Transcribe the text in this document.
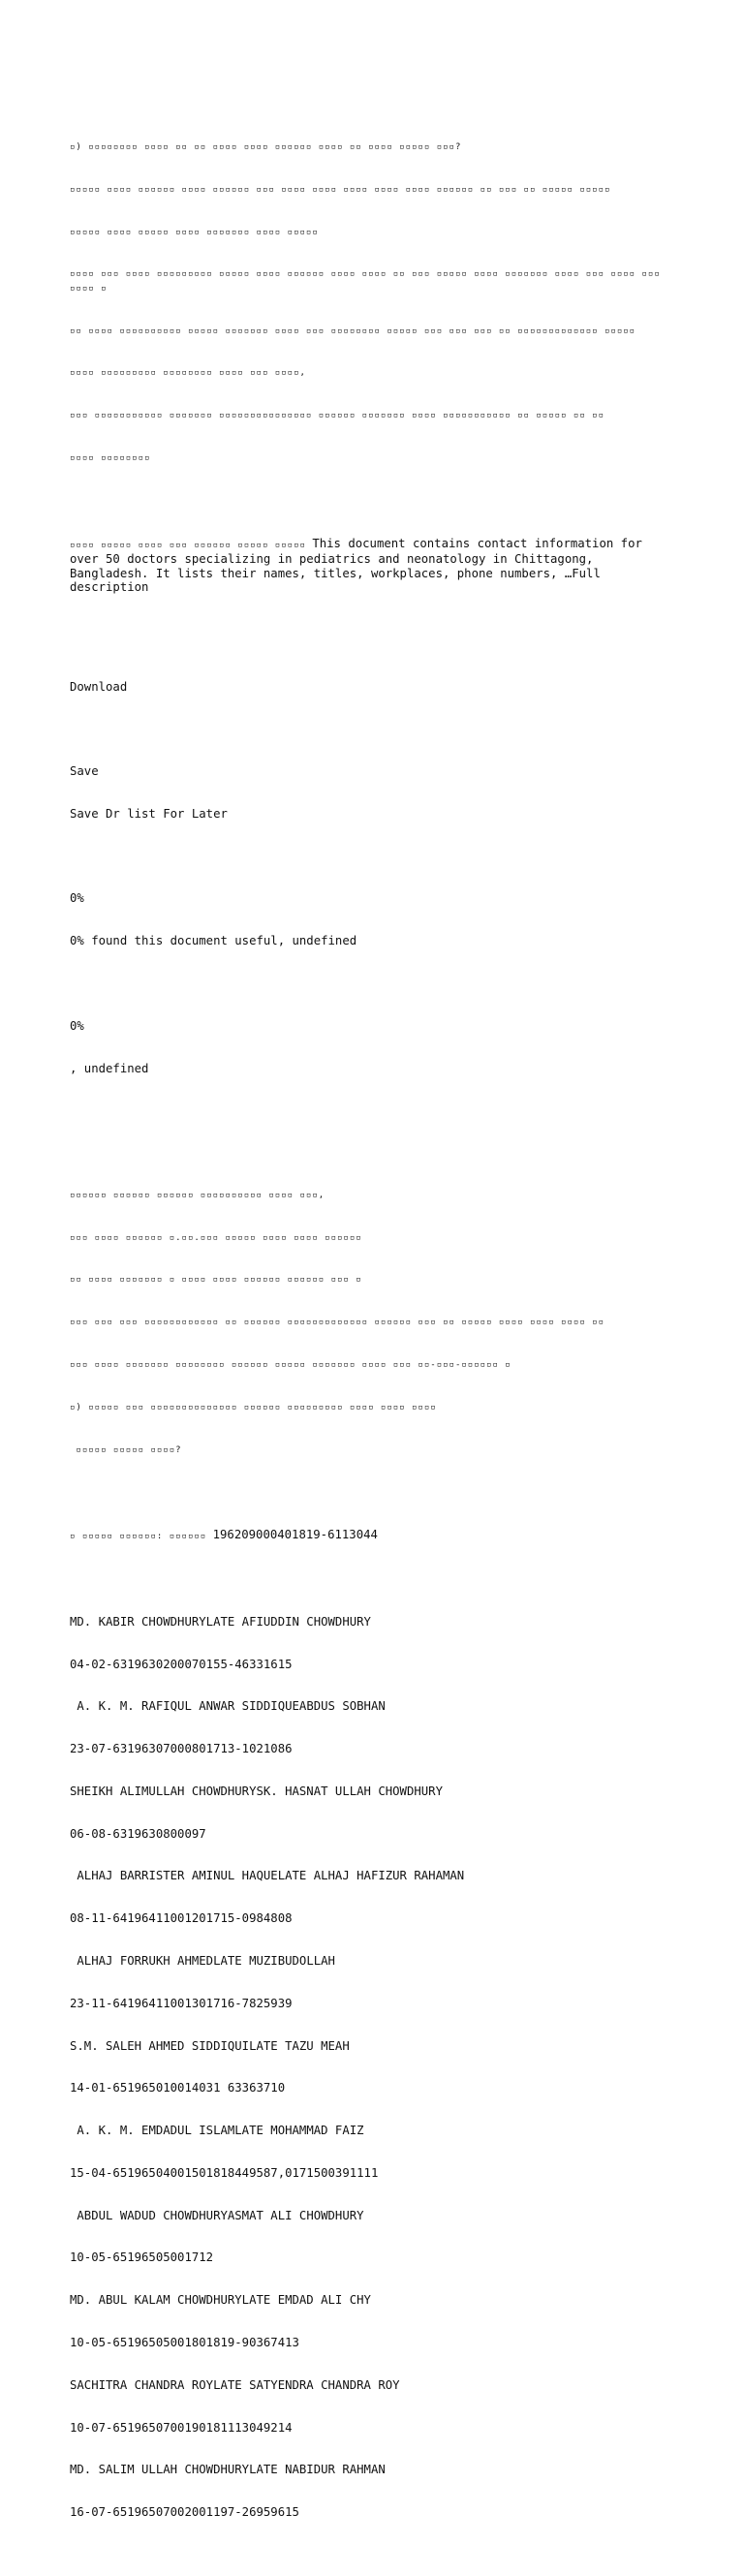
▫) ▫▫▫▫▫▫▫▫ ▫▫▫▫ ▫▫ ▫▫ ▫▫▫▫ ▫▫▫▫ ▫▫▫▫▫▫ ▫▫▫▫ ▫▫ ▫▫▫▫ ▫▫▫▫▫ ▫▫▫?

▫▫▫▫▫ ▫▫▫▫ ▫▫▫▫▫▫ ▫▫▫▫ ▫▫▫▫▫▫ ▫▫▫ ▫▫▫▫ ▫▫▫▫ ▫▫▫▫ ▫▫▫▫ ▫▫▫▫ ▫▫▫▫▫▫ ▫▫ ▫▫▫ ▫▫ ▫▫▫▫▫ ▫▫▫▫▫

▫▫▫▫▫ ▫▫▫▫ ▫▫▫▫▫ ▫▫▫▫ ▫▫▫▫▫▫▫ ▫▫▫▫ ▫▫▫▫▫

▫▫▫▫ ▫▫▫ ▫▫▫▫ ▫▫▫▫▫▫▫▫▫ ▫▫▫▫▫ ▫▫▫▫ ▫▫▫▫▫▫ ▫▫▫▫ ▫▫▫▫ ▫▫ ▫▫▫ ▫▫▫▫▫ ▫▫▫▫ ▫▫▫▫▫▫▫ ▫▫▫▫ ▫▫▫ ▫▫▫▫ ▫▫▫ ▫▫▫▫ ▫

▫▫ ▫▫▫▫ ▫▫▫▫▫▫▫▫▫▫ ▫▫▫▫▫ ▫▫▫▫▫▫▫ ▫▫▫▫ ▫▫▫ ▫▫▫▫▫▫▫▫ ▫▫▫▫▫ ▫▫▫ ▫▫▫ ▫▫▫ ▫▫ ▫▫▫▫▫▫▫▫▫▫▫▫▫ ▫▫▫▫▫

▫▫▫▫ ▫▫▫▫▫▫▫▫▫ ▫▫▫▫▫▫▫▫ ▫▫▫▫ ▫▫▫ ▫▫▫▫,

▫▫▫ ▫▫▫▫▫▫▫▫▫▫▫ ▫▫▫▫▫▫▫ ▫▫▫▫▫▫▫▫▫▫▫▫▫▫▫ ▫▫▫▫▫▫ ▫▫▫▫▫▫▫ ▫▫▫▫ ▫▫▫▫▫▫▫▫▫▫▫ ▫▫ ▫▫▫▫▫ ▫▫ ▫▫

▫▫▫▫ ▫▫▫▫▫▫▫▫

▫▫▫▫ ▫▫▫▫▫ ▫▫▫▫ ▫▫▫ ▫▫▫▫▫▫ ▫▫▫▫▫ ▫▫▫▫▫ This document contains contact information for over 50 doctors specializing in pediatrics and neonatology in Chittagong, Bangladesh. It lists their names, titles, workplaces, phone numbers, …Full description

Download

Save

Save Dr list For Later

0%

0% found this document useful, undefined

0%

, undefined

▫▫▫▫▫▫ ▫▫▫▫▫▫ ▫▫▫▫▫▫ ▫▫▫▫▫▫▫▫▫▫ ▫▫▫▫ ▫▫▫,

▫▫▫ ▫▫▫▫ ▫▫▫▫▫▫ ▫.▫▫.▫▫▫ ▫▫▫▫▫ ▫▫▫▫ ▫▫▫▫ ▫▫▫▫▫▫

▫▫ ▫▫▫▫ ▫▫▫▫▫▫▫ ▫ ▫▫▫▫ ▫▫▫▫ ▫▫▫▫▫▫ ▫▫▫▫▫▫ ▫▫▫ ▫

▫▫▫ ▫▫▫ ▫▫▫ ▫▫▫▫▫▫▫▫▫▫▫▫ ▫▫ ▫▫▫▫▫▫ ▫▫▫▫▫▫▫▫▫▫▫▫▫ ▫▫▫▫▫▫ ▫▫▫ ▫▫ ▫▫▫▫▫ ▫▫▫▫ ▫▫▫▫ ▫▫▫▫ ▫▫

▫▫▫ ▫▫▫▫ ▫▫▫▫▫▫▫ ▫▫▫▫▫▫▫▫ ▫▫▫▫▫▫ ▫▫▫▫▫ ▫▫▫▫▫▫▫ ▫▫▫▫ ▫▫▫ ▫▫-▫▫▫-▫▫▫▫▫▫ ▫

▫) ▫▫▫▫▫ ▫▫▫ ▫▫▫▫▫▫▫▫▫▫▫▫▫▫ ▫▫▫▫▫▫ ▫▫▫▫▫▫▫▫▫ ▫▫▫▫ ▫▫▫▫ ▫▫▫▫

▫▫▫▫▫ ▫▫▫▫▫ ▫▫▫▫?

▫ ▫▫▫▫▫ ▫▫▫▫▫▫: ▫▫▫▫▫▫ 196209000401819-6113044

MD. KABIR CHOWDHURYLATE AFIUDDIN CHOWDHURY

04-02-6319630200070155-46331615

A. K. M. RAFIQUL ANWAR SIDDIQUEABDUS SOBHAN

23-07-63196307000801713-1021086

SHEIKH ALIMULLAH CHOWDHURYSK. HASNAT ULLAH CHOWDHURY

06-08-6319630800097

ALHAJ BARRISTER AMINUL HAQUELATE ALHAJ HAFIZUR RAHAMAN

08-11-64196411001201715-0984808

ALHAJ FORRUKH AHMEDLATE MUZIBUDOLLAH

23-11-64196411001301716-7825939

S.M. SALEH AHMED SIDDIQUILATE TAZU MEAH

14-01-651965010014031 63363710

A. K. M. EMDADUL ISLAMLATE MOHAMMAD FAIZ

15-04-651965040015018184495​87,01715003911​11

ABDUL WADUD CHOWDHURYASMAT ALI CHOWDHURY

10-05-65196505001712

MD. ABUL KALAM CHOWDHURYLATE EMDAD ALI CHY

10-05-651965050018​01819-90367413

SACHITRA CHANDRA ROYLATE SATYENDRA CHANDRA ROY

10-07-65196507001901811​13049214

MD. SALIM ULLAH CHOWDHURYLATE NABIDUR RAHMAN

16-07-65196507002001197-26959615
